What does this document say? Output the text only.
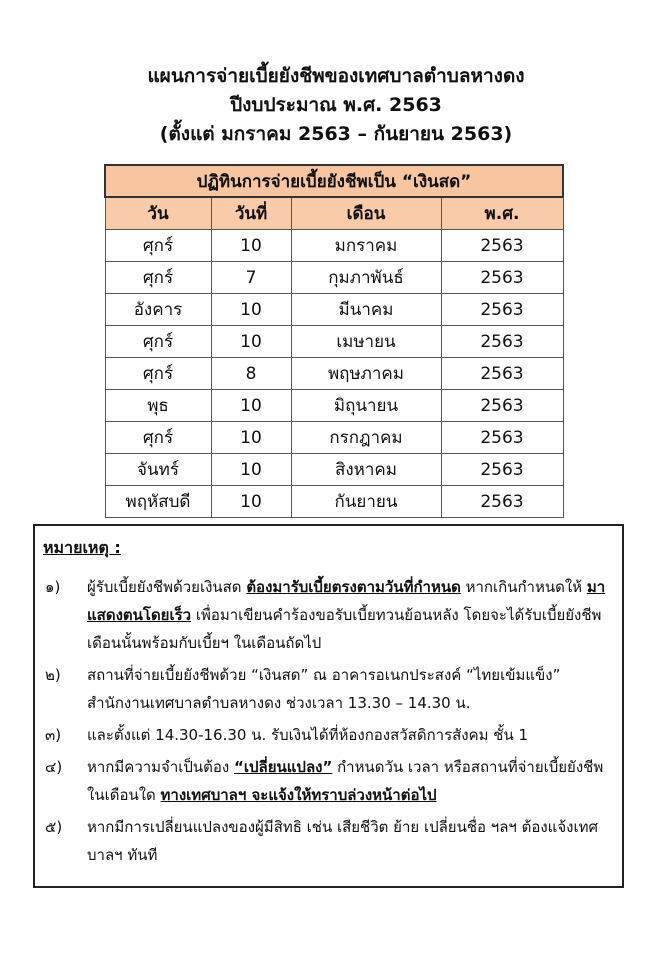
แผนการจ่ายเบี้ยยังชีพของเทศบาลตำบลหางดง
ปีงบประมาณ พ.ศ. 2563
(ตั้งแต่ มกราคม 2563 – กันยายน 2563)
ปฏิทินการจ่ายเบี้ยยังชีพเป็น “เงินสด”			
วัน	วันที่	เดือน	พ.ศ.
ศุกร์	10	มกราคม	2563
ศุกร์	7	กุมภาพันธ์	2563
อังคาร	10	มีนาคม	2563
ศุกร์	10	เมษายน	2563
ศุกร์	8	พฤษภาคม	2563
พุธ	10	มิถุนายน	2563
ศุกร์	10	กรกฎาคม	2563
จันทร์	10	สิงหาคม	2563
พฤหัสบดี	10	กันยายน	2563
หมายเหตุ :
๑)	ผู้รับเบี้ยยังชีพด้วยเงินสด ต้องมารับเบี้ยตรงตามวันที่กำหนด หากเกินกำหนดให้ มาแสดงตนโดยเร็ว เพื่อมาเขียนคำร้องขอรับเบี้ยทวนย้อนหลัง โดยจะได้รับเบี้ยยังชีพเดือนนั้นพร้อมกับเบี้ยฯ ในเดือนถัดไป
๒)	สถานที่จ่ายเบี้ยยังชีพด้วย “เงินสด” ณ อาคารอเนกประสงค์ “ไทยเข้มแข็ง” สำนักงานเทศบาลตำบลหางดง ช่วงเวลา 13.30 – 14.30 น.
๓)	และตั้งแต่ 14.30-16.30 น. รับเงินได้ที่ห้องกองสวัสดิการสังคม ชั้น 1
๔)	หากมีความจำเป็นต้อง “เปลี่ยนแปลง” กำหนดวัน เวลา หรือสถานที่จ่ายเบี้ยยังชีพในเดือนใด ทางเทศบาลฯ จะแจ้งให้ทราบล่วงหน้าต่อไป
๕)	หากมีการเปลี่ยนแปลงของผู้มีสิทธิ เช่น เสียชีวิต ย้าย เปลี่ยนชื่อ ฯลฯ ต้องแจ้งเทศบาลฯ ทันที
